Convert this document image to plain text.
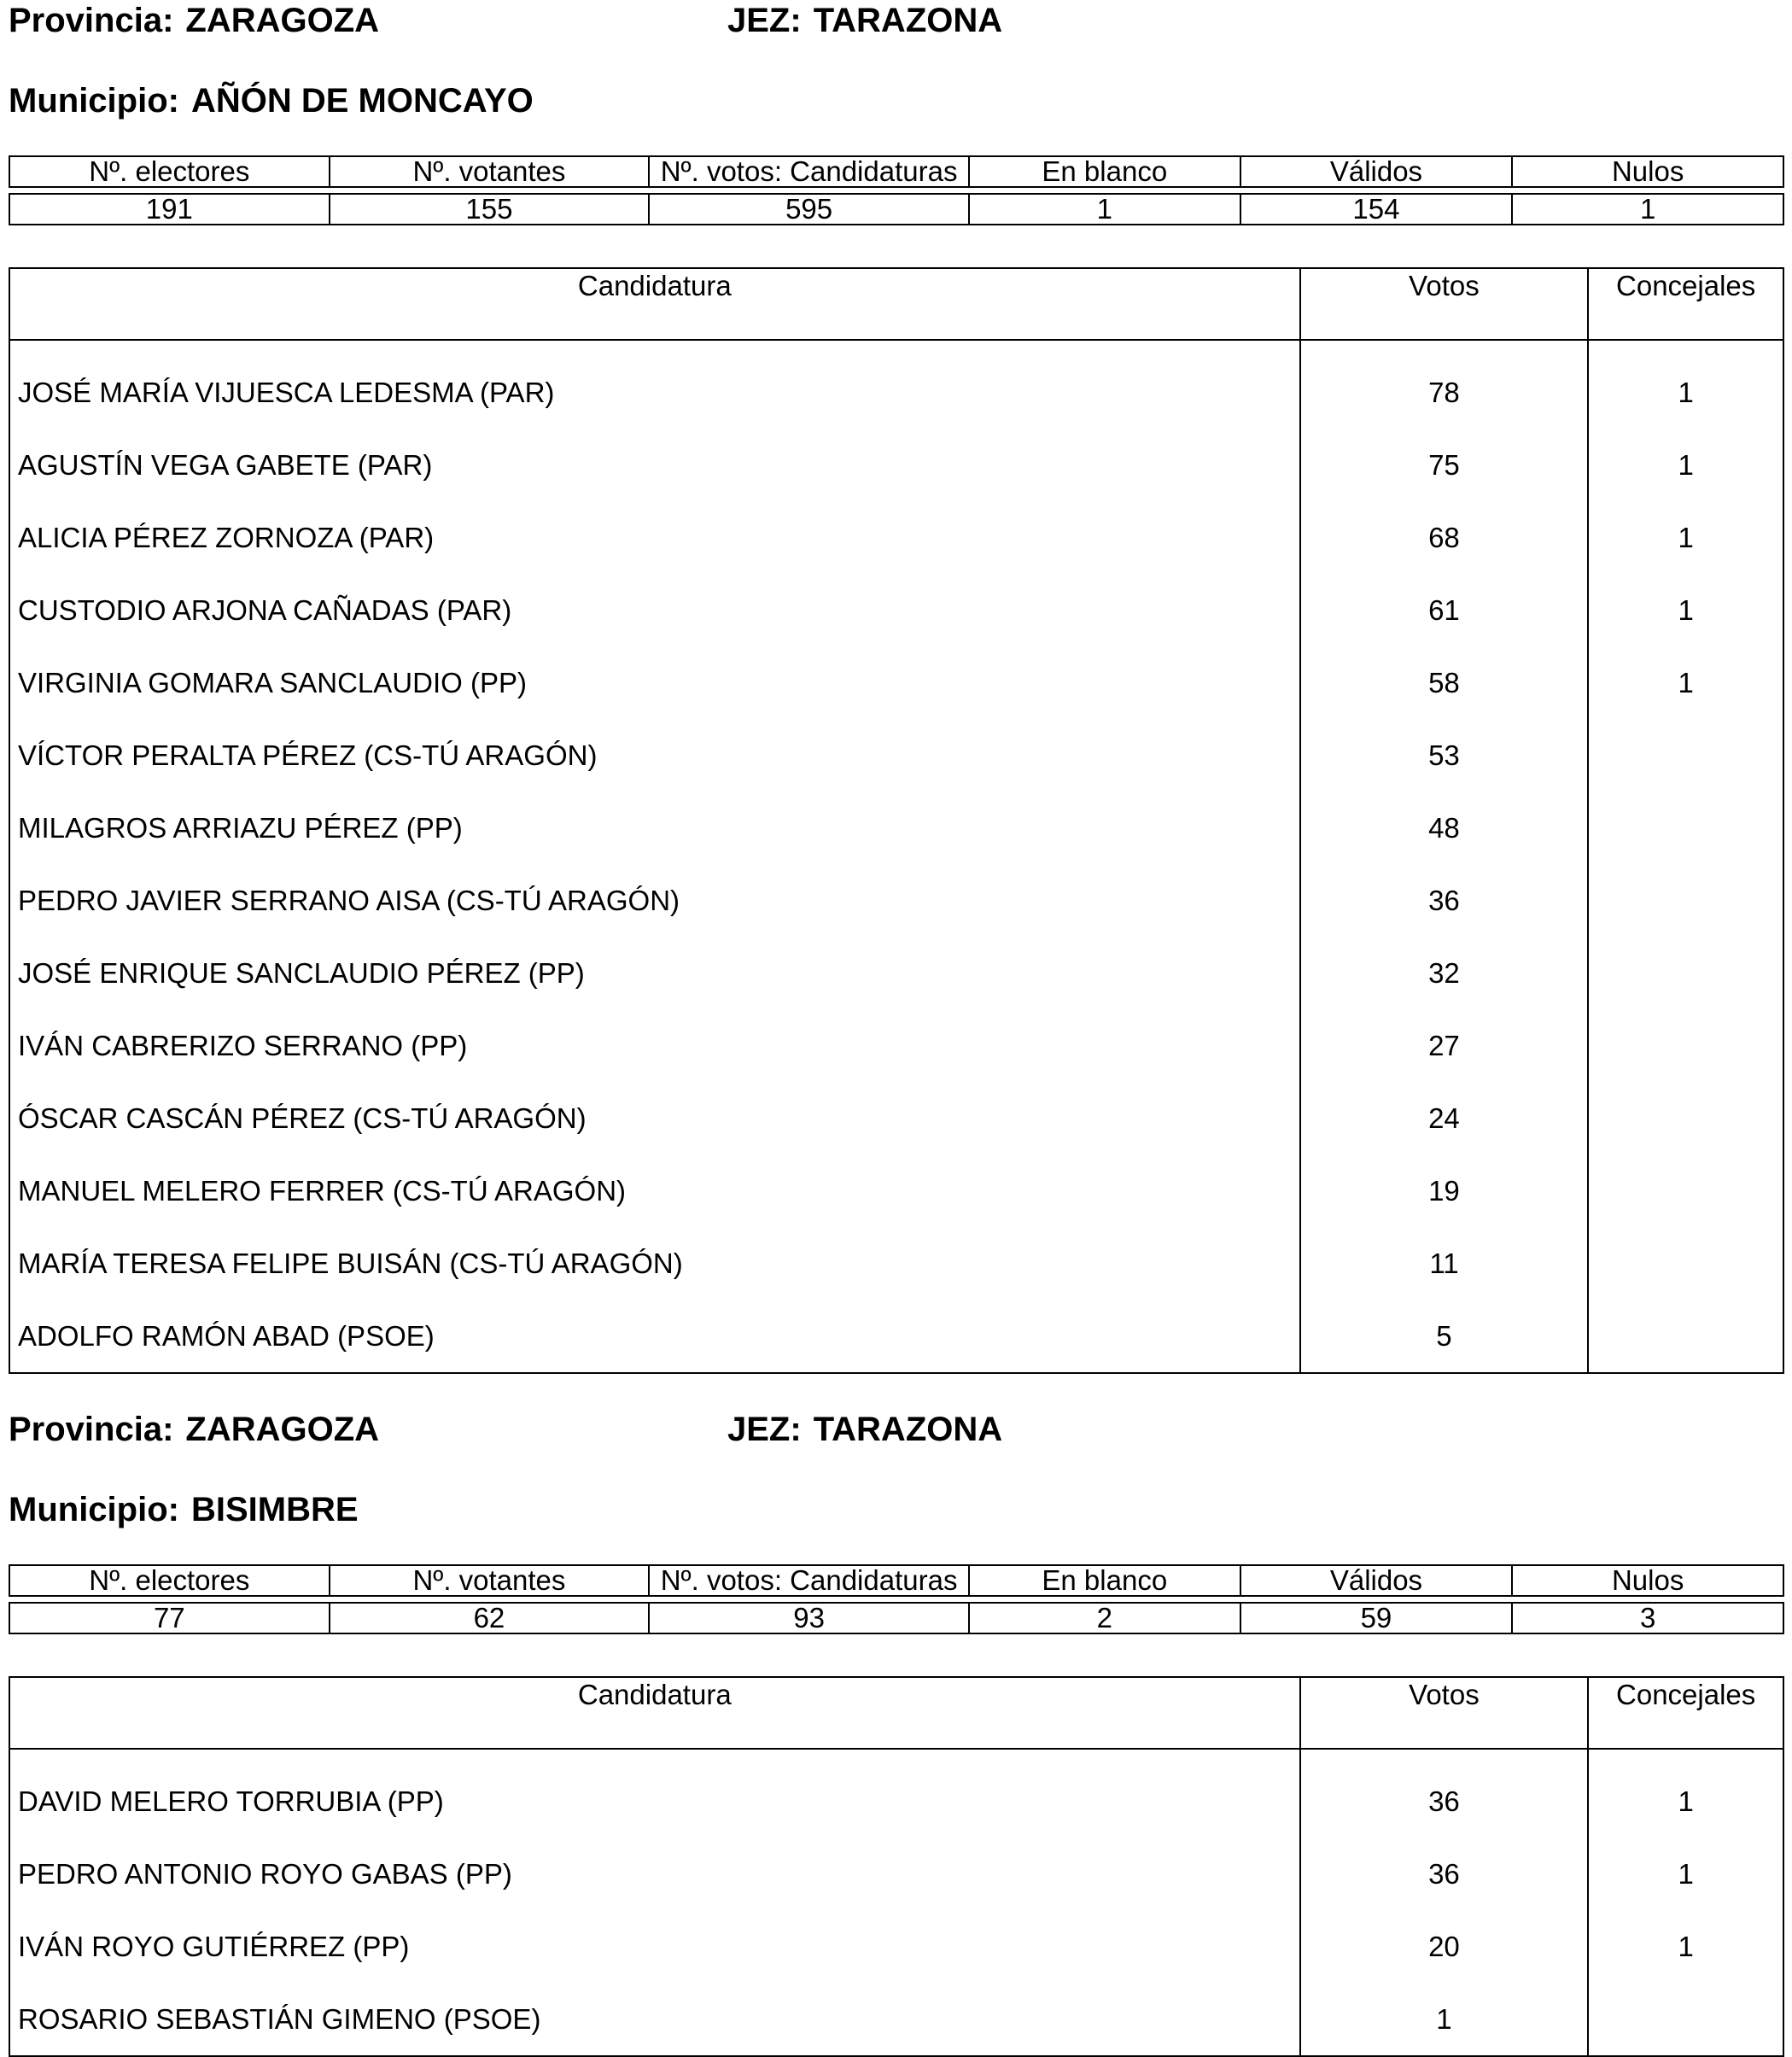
Provincia: ZARAGOZA	JEZ: TARAZONA
Municipio: AÑÓN DE MONCAYO
Nº. electores	Nº. votantes	Nº. votos: Candidaturas	En blanco	Válidos	Nulos

191	155	595	1	154	1
Candidatura	Votos	Concejales
JOSÉ MARÍA VIJUESCA LEDESMA (PAR)	78	1
AGUSTÍN VEGA GABETE (PAR)	75	1
ALICIA PÉREZ ZORNOZA (PAR)	68	1
CUSTODIO ARJONA CAÑADAS (PAR)	61	1
VIRGINIA GOMARA SANCLAUDIO (PP)	58	1
VÍCTOR PERALTA PÉREZ (CS-TÚ ARAGÓN)	53	
MILAGROS ARRIAZU PÉREZ (PP)	48	
PEDRO JAVIER SERRANO AISA (CS-TÚ ARAGÓN)	36	
JOSÉ ENRIQUE SANCLAUDIO PÉREZ (PP)	32	
IVÁN CABRERIZO SERRANO (PP)	27	
ÓSCAR CASCÁN PÉREZ (CS-TÚ ARAGÓN)	24	
MANUEL MELERO FERRER (CS-TÚ ARAGÓN)	19	
MARÍA TERESA FELIPE BUISÁN (CS-TÚ ARAGÓN)	11	
ADOLFO RAMÓN ABAD (PSOE)	5	
Provincia: ZARAGOZA	JEZ: TARAZONA
Municipio: BISIMBRE
Nº. electores	Nº. votantes	Nº. votos: Candidaturas	En blanco	Válidos	Nulos

77	62	93	2	59	3
Candidatura	Votos	Concejales
DAVID MELERO TORRUBIA (PP)	36	1
PEDRO ANTONIO ROYO GABAS (PP)	36	1
IVÁN ROYO GUTIÉRREZ (PP)	20	1
ROSARIO SEBASTIÁN GIMENO (PSOE)	1	
